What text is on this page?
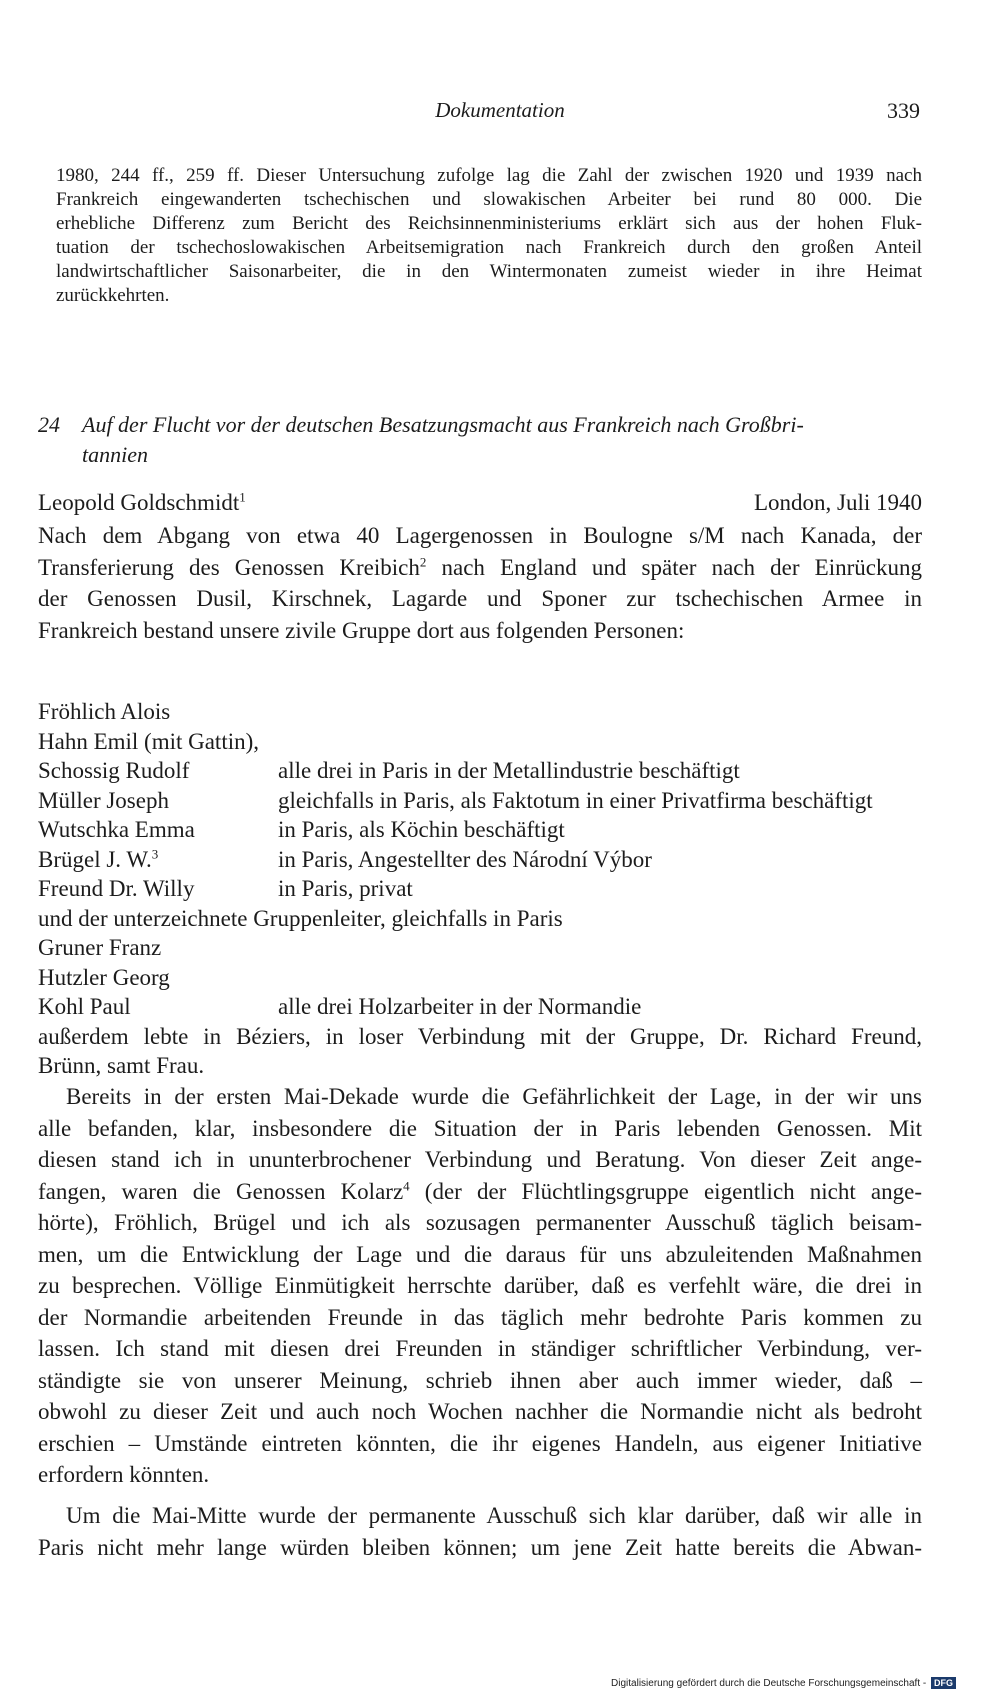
Dokumentation	339
1980, 244 ff., 259 ff. Dieser Untersuchung zufolge lag die Zahl der zwischen 1920 und 1939 nach
Frankreich eingewanderten tschechischen und slowakischen Arbeiter bei rund 80 000. Die
erhebliche Differenz zum Bericht des Reichsinnenministeriums erklärt sich aus der hohen Fluk-
tuation der tschechoslowakischen Arbeitsemigration nach Frankreich durch den großen Anteil
landwirtschaftlicher Saisonarbeiter, die in den Wintermonaten zumeist wieder in ihre Heimat
zurückkehrten.
24 Auf der Flucht vor der deutschen Besatzungsmacht aus Frankreich nach Großbri-
tannien
Leopold Goldschmidt$^1$	London, Juli 1940
Nach dem Abgang von etwa 40 Lagergenossen in Boulogne s/M nach Kanada, der
Transferierung des Genossen Kreibich$^2$ nach England und später nach der Einrückung
der Genossen Dusil, Kirschnek, Lagarde und Sponer zur tschechischen Armee in
Frankreich bestand unsere zivile Gruppe dort aus folgenden Personen:
Fröhlich Alois
Hahn Emil (mit Gattin),
Schossig Rudolf	alle drei in Paris in der Metallindustrie beschäftigt
Müller Joseph	gleichfalls in Paris, als Faktotum in einer Privatfirma beschäftigt
Wutschka Emma	in Paris, als Köchin beschäftigt
Brügel J. W.$^3$	in Paris, Angestellter des Národní Výbor
Freund Dr. Willy	in Paris, privat
und der unterzeichnete Gruppenleiter, gleichfalls in Paris
Gruner Franz
Hutzler Georg
Kohl Paul	alle drei Holzarbeiter in der Normandie
außerdem lebte in Béziers, in loser Verbindung mit der Gruppe, Dr. Richard Freund,
Brünn, samt Frau.
Bereits in der ersten Mai-Dekade wurde die Gefährlichkeit der Lage, in der wir uns
alle befanden, klar, insbesondere die Situation der in Paris lebenden Genossen. Mit
diesen stand ich in ununterbrochener Verbindung und Beratung. Von dieser Zeit ange-
fangen, waren die Genossen Kolarz$^4$ (der der Flüchtlingsgruppe eigentlich nicht ange-
hörte), Fröhlich, Brügel und ich als sozusagen permanenter Ausschuß täglich beisam-
men, um die Entwicklung der Lage und die daraus für uns abzuleitenden Maßnahmen
zu besprechen. Völlige Einmütigkeit herrschte darüber, daß es verfehlt wäre, die drei in
der Normandie arbeitenden Freunde in das täglich mehr bedrohte Paris kommen zu
lassen. Ich stand mit diesen drei Freunden in ständiger schriftlicher Verbindung, ver-
ständigte sie von unserer Meinung, schrieb ihnen aber auch immer wieder, daß –
obwohl zu dieser Zeit und auch noch Wochen nachher die Normandie nicht als bedroht
erschien – Umstände eintreten könnten, die ihr eigenes Handeln, aus eigener Initiative
erfordern könnten.
Um die Mai-Mitte wurde der permanente Ausschuß sich klar darüber, daß wir alle in
Paris nicht mehr lange würden bleiben können; um jene Zeit hatte bereits die Abwan-
Digitalisierung gefördert durch die Deutsche Forschungsgemeinschaft - DFG
